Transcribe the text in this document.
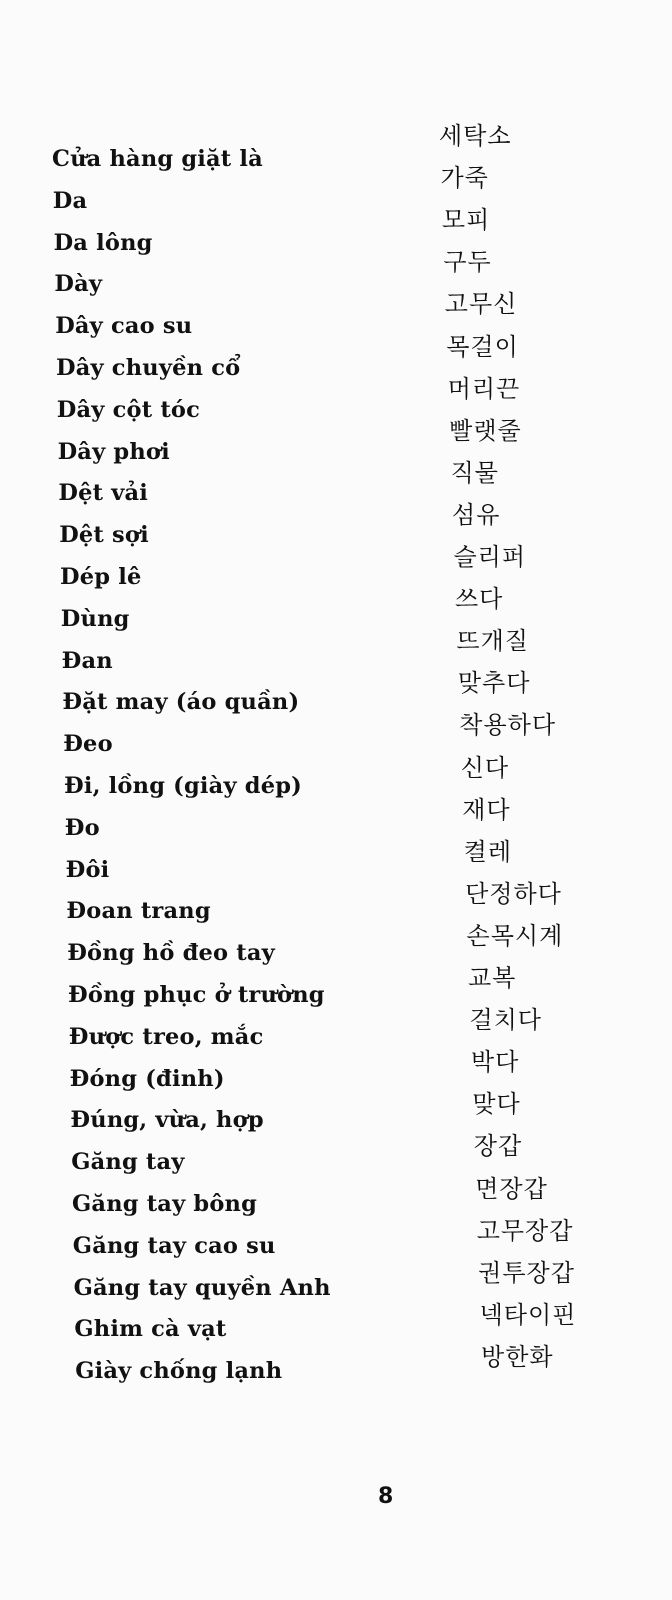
Cửa hàng giặt là
세탁소
Da
가죽
Da lông
모피
Dày
구두
Dây cao su
고무신
Dây chuyền cổ
목걸이
Dây cột tóc
머리끈
Dây phơi
빨랫줄
Dệt vải
직물
Dệt sợi
섬유
Dép lê
슬리퍼
Dùng
쓰다
Đan
뜨개질
Đặt may (áo quần)
맞추다
Đeo
착용하다
Đi, lồng (giày dép)
신다
Đo
재다
Đôi
켤레
Đoan trang
단정하다
Đồng hồ đeo tay
손목시계
Đồng phục ở trường
교복
Được treo, mắc
걸치다
Đóng (đinh)
박다
Đúng, vừa, hợp
맞다
Găng tay
장갑
Găng tay bông
면장갑
Găng tay cao su
고무장갑
Găng tay quyền Anh
권투장갑
Ghim cà vạt
넥타이핀
Giày chống lạnh
방한화
8
